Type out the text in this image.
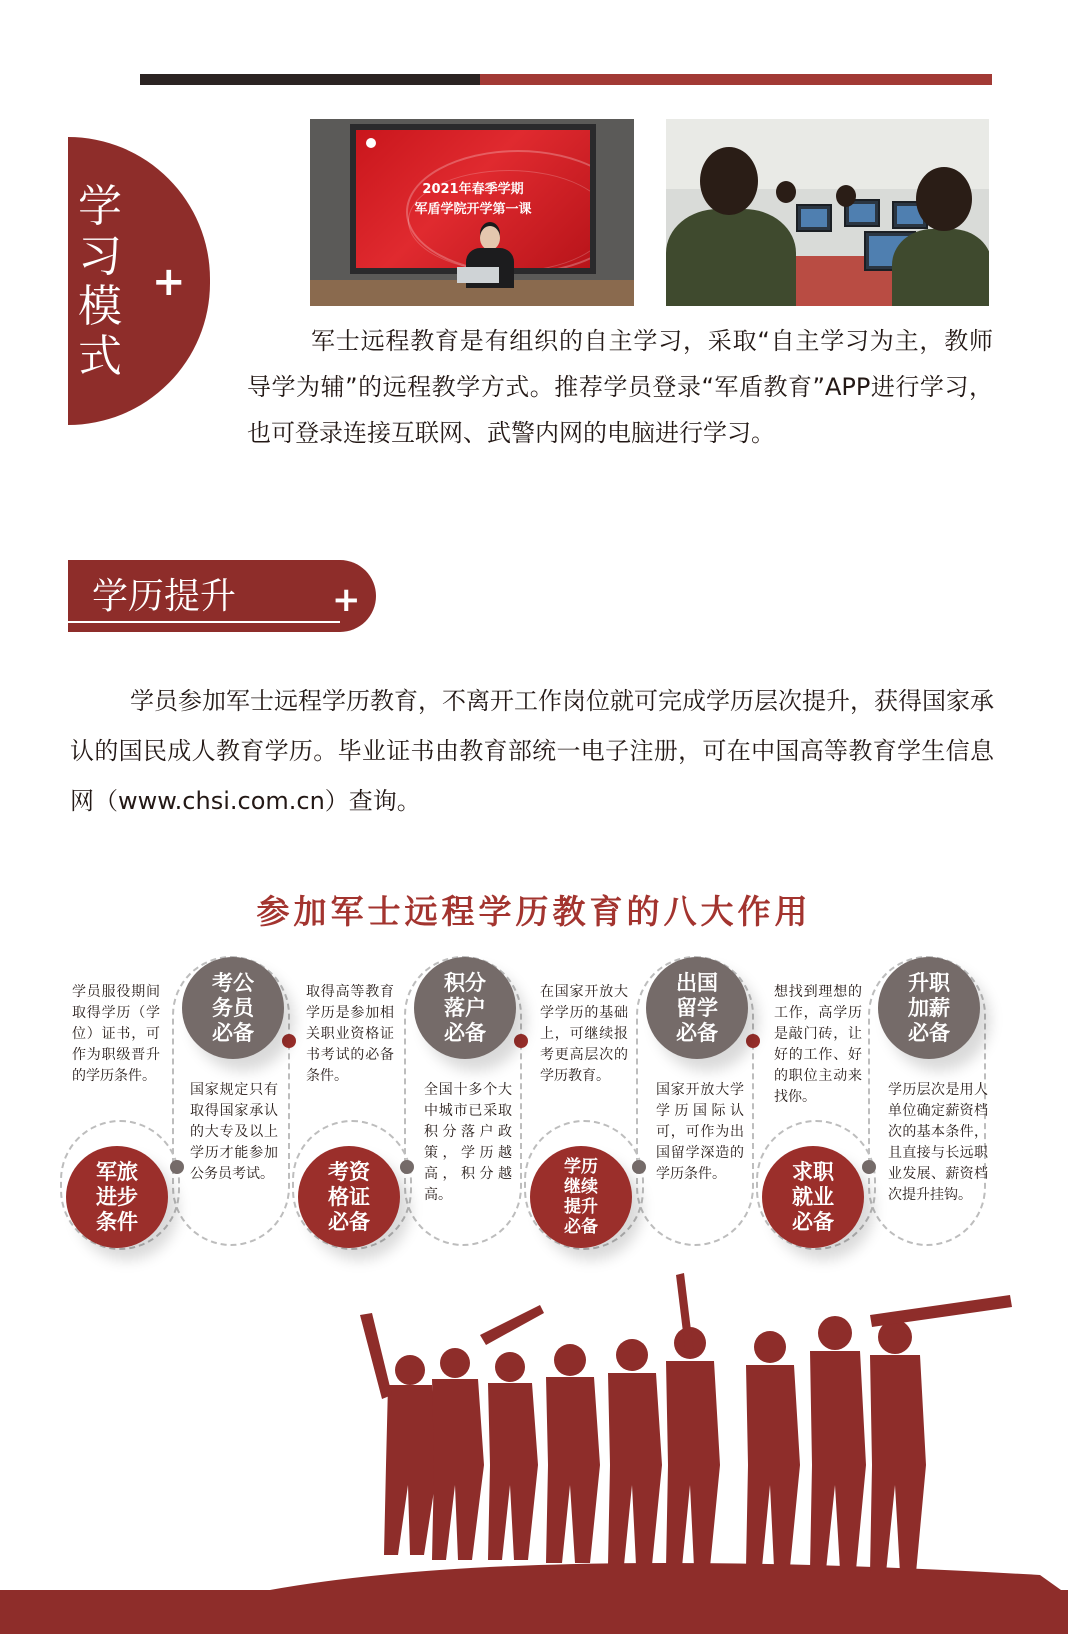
学
习
模
式
+
2021年春季学期
军盾学院开学第一课
军士远程教育是有组织的自主学习，采取“自主学习为主，教师导学为辅”的远程教学方式。推荐学员登录“军盾教育”APP进行学习，也可登录连接互联网、武警内网的电脑进行学习。
学历提升	+
学员参加军士远程学历教育，不离开工作岗位就可完成学历层次提升，获得国家承认的国民成人教育学历。毕业证书由教育部统一电子注册，可在中国高等教育学生信息网（www.chsi.com.cn）查询。
参加军士远程学历教育的八大作用
学员服役期间取得学历（学位）证书，可作为职级晋升的学历条件。
军旅
进步
条件
考公
务员
必备
国家规定只有取得国家承认的大专及以上学历才能参加公务员考试。
取得高等教育学历是参加相关职业资格证书考试的必备条件。
考资
格证
必备
积分
落户
必备
全国十多个大中城市已采取积分落户政策，学历越高，积分越高。
在国家开放大学学历的基础上，可继续报考更高层次的学历教育。
学历
继续
提升
必备
出国
留学
必备
国家开放大学学历国际认可，可作为出国留学深造的学历条件。
想找到理想的工作，高学历是敲门砖，让好的工作、好的职位主动来找你。
求职
就业
必备
升职
加薪
必备
学历层次是用人单位确定薪资档次的基本条件，且直接与长远职业发展、薪资档次提升挂钩。
